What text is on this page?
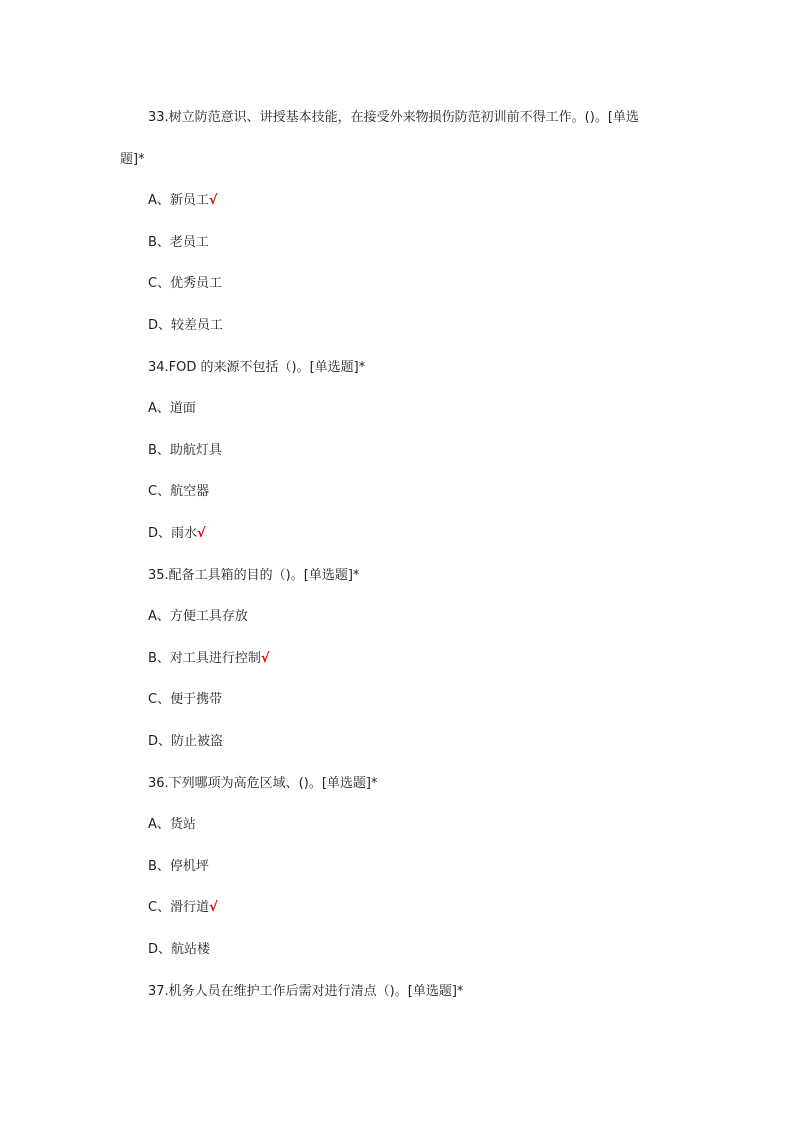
33.树立防范意识、讲授基本技能，在接受外来物损伤防范初训前不得工作。()。[单选
题]*
A、新员工√
B、老员工
C、优秀员工
D、较差员工
34.FOD 的来源不包括（)。[单选题]*
A、道面
B、助航灯具
C、航空器
D、雨水√
35.配备工具箱的目的（)。[单选题]*
A、方便工具存放
B、对工具进行控制√
C、便于携带
D、防止被盗
36.下列哪项为高危区域、()。[单选题]*
A、货站
B、停机坪
C、滑行道√
D、航站楼
37.机务人员在维护工作后需对进行清点（)。[单选题]*
